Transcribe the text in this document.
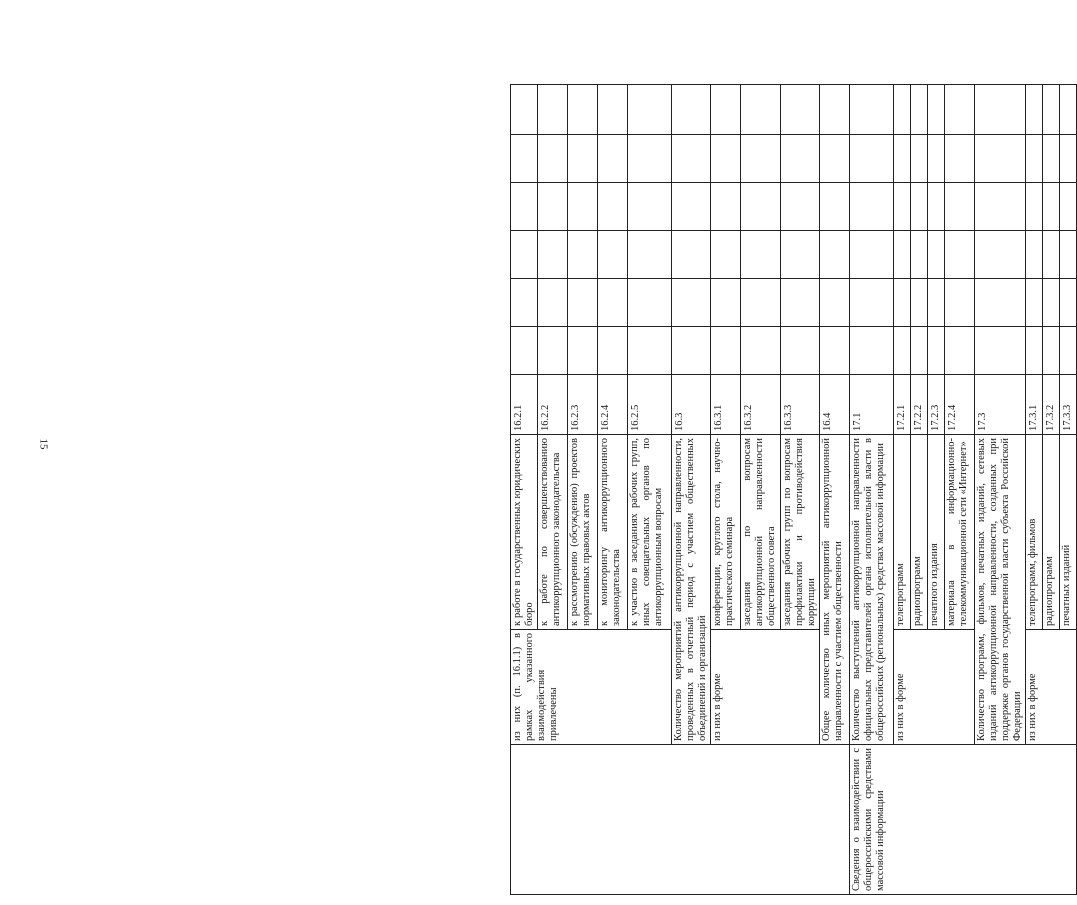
15
	из них (п. 16.1.1) в рамках указанного взаимодействия привлечены	к работе в государственных юридических бюро	16.2.1						
		к работе по совершенствованию антикоррупционного законодательства	16.2.2						
		к рассмотрению (обсуждению) проектов нормативных правовых актов	16.2.3						
		к мониторингу антикоррупционного законодательства	16.2.4						
		к участию в заседаниях рабочих групп, иных совещательных органов по антикоррупционным вопросам	16.2.5						
	Количество мероприятий антикоррупционной направленности, проведенных в отчетный период с участием общественных объединений и организаций		16.3						
	из них в форме	конференции, круглого стола, научно-практического семинара	16.3.1						
		заседания по вопросам антикоррупционной направленности общественного совета	16.3.2						
		заседания рабочих групп по вопросам профилактики и противодействия коррупции	16.3.3						
	Общее количество иных мероприятий антикоррупционной направленности с участием общественности		16.4						
Сведения о взаимодействии с общероссийскими средствами массовой информации	Количество выступлений антикоррупционной направленности официальных представителей органа исполнительной власти в общероссийских (региональных) средствах массовой информации		17.1						
	из них в форме	телепрограмм	17.2.1						
		радиопрограмм	17.2.2						
		печатного издания	17.2.3						
		материала в информационно-телекоммуникационной сети «Интернет»	17.2.4						
	Количество программ, фильмов, печатных изданий, сетевых изданий антикоррупционной направленности, созданных при поддержке органов государственной власти субъекта Российской Федерации		17.3						
	из них в форме	телепрограмм, фильмов	17.3.1						
		радиопрограмм	17.3.2						
		печатных изданий	17.3.3						
